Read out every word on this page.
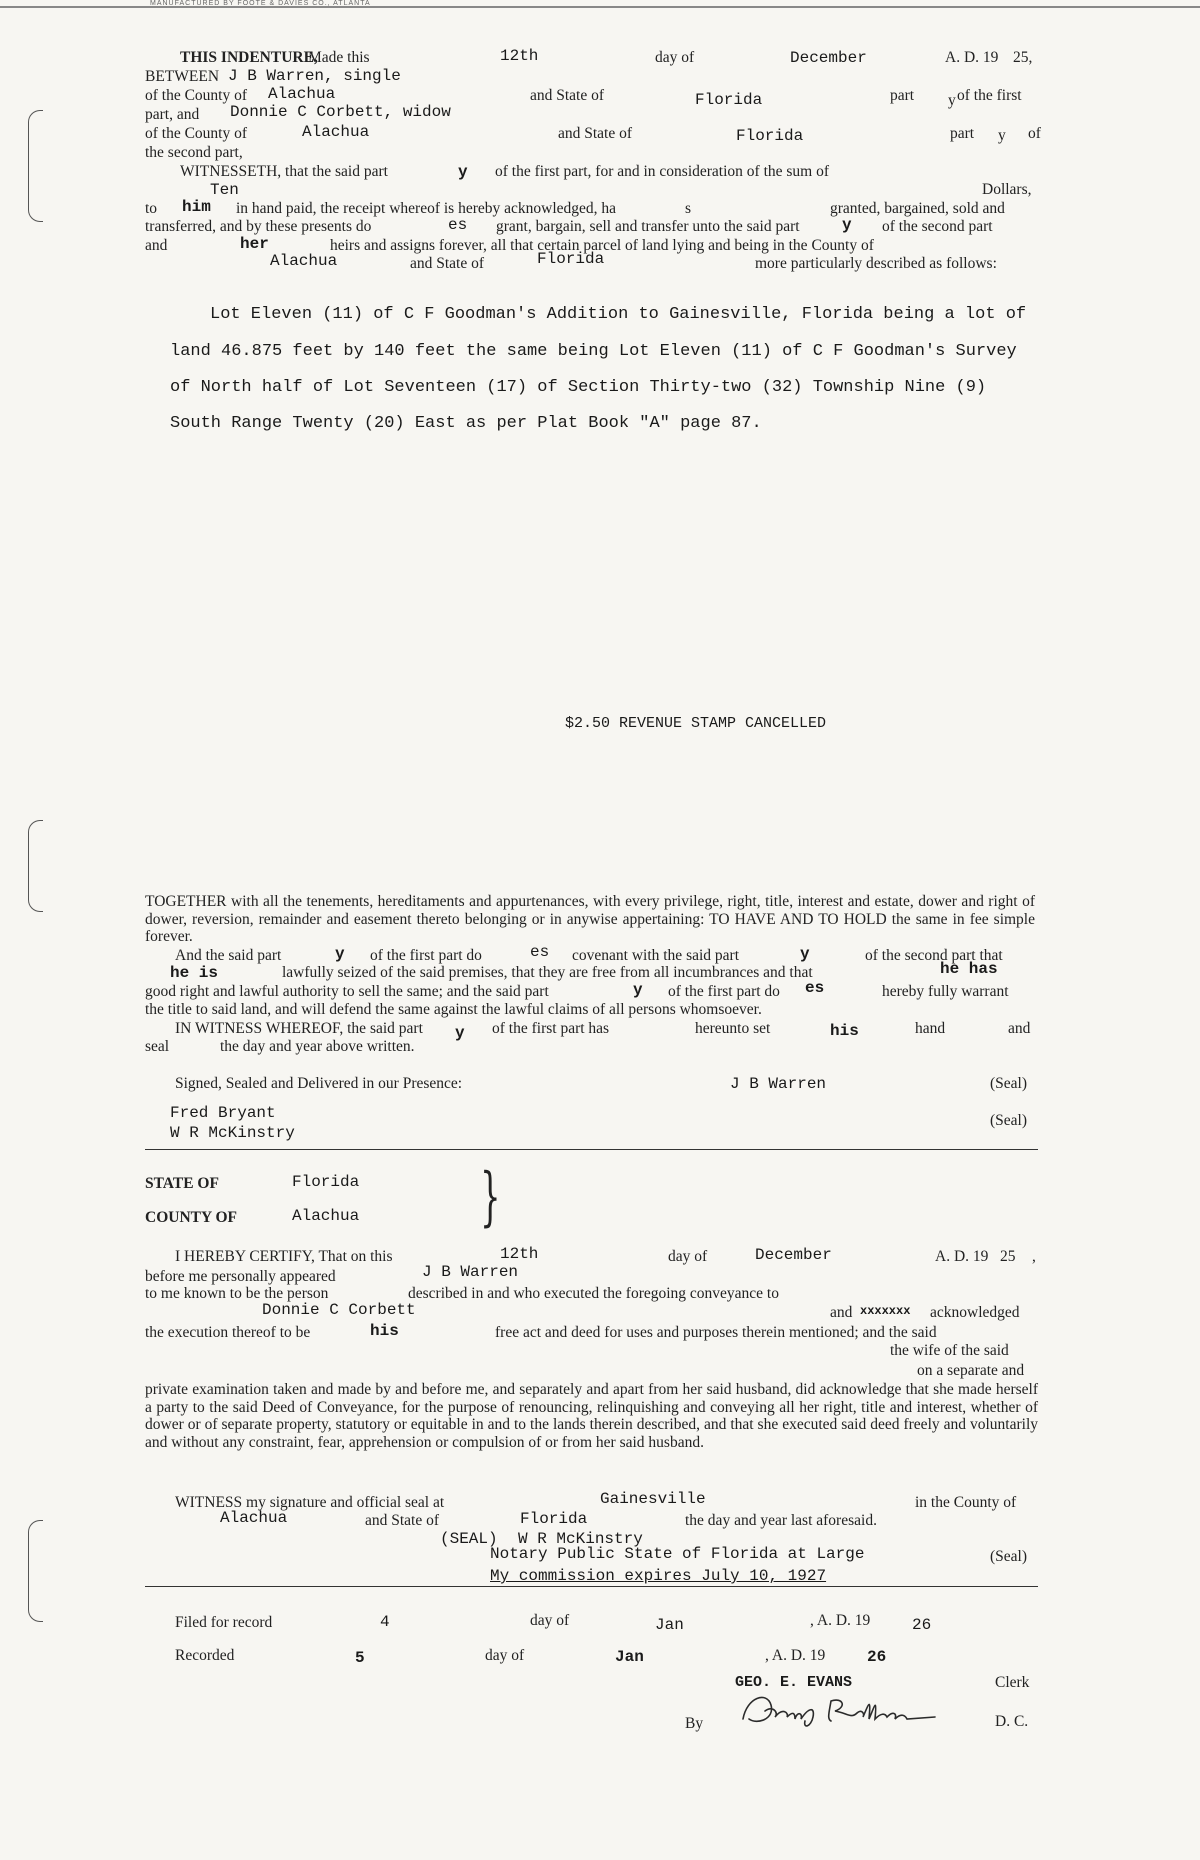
MANUFACTURED BY FOOTE & DAVIES CO., ATLANTA
THIS INDENTURE,
Made this	12th	day of	December	A. D. 19 25,
BETWEEN J B Warren, single
of the County of Alachua	and State of	Florida	part y of the first
part, and Donnie C Corbett, widow
of the County of	Alachua	and State of	Florida	part y of
the second part,
WITNESSETH, that the said part	y of the first part, for and in consideration of the sum of
Ten	Dollars,
to him in hand paid, the receipt whereof is hereby acknowledged, ha	s	granted, bargained, sold and
transferred, and by these presents do	es grant, bargain, sell and transfer unto the said part	y of the second part
and	her	heirs and assigns forever, all that certain parcel of land lying and being in the County of
Alachua	and State of	Florida	more particularly described as follows:
Lot Eleven (11) of C F Goodman's Addition to Gainesville, Florida being a lot of
land 46.875 feet by 140 feet the same being Lot Eleven (11) of C F Goodman's Survey
of North half of Lot Seventeen (17) of Section Thirty-two (32) Township Nine (9)
South Range Twenty (20) East as per Plat Book "A" page 87.
$2.50 REVENUE STAMP CANCELLED
TOGETHER with all the tenements, hereditaments and appurtenances, with every privilege, right, title, interest and estate, dower and right of dower, reversion, remainder and easement thereto belonging or in anywise appertaining: TO HAVE AND TO HOLD the same in fee simple forever.
And the said part	y of the first part do	es covenant with the said part	y	of the second part that
he is	lawfully seized of the said premises, that they are free from all incumbrances and that	he has
good right and lawful authority to sell the same; and the said part	y of the first part do es	hereby fully warrant
the title to said land, and will defend the same against the lawful claims of all persons whomsoever.
IN WITNESS WHEREOF, the said part y of the first part has	hereunto set	his	hand	and
seal	the day and year above written.
Signed, Sealed and Delivered in our Presence:	J B Warren	(Seal)
Fred Bryant
W R McKinstry
(Seal)
STATE OF	Florida
COUNTY OF	Alachua }
I HEREBY CERTIFY, That on this	12th	day of	December	A. D. 19 25 ,
before me personally appeared	J B Warren
to me known to be the person	described in and who executed the foregoing conveyance to
Donnie C Corbett	and xxxxxxx acknowledged
the execution thereof to be	his	free act and deed for uses and purposes therein mentioned; and the said
the wife of the said
on a separate and
private examination taken and made by and before me, and separately and apart from her said husband, did acknowledge that she made herself a party to the said Deed of Conveyance, for the purpose of renouncing, relinquishing and conveying all her right, title and interest, whether of dower or of separate property, statutory or equitable in and to the lands therein described, and that she executed said deed freely and voluntarily and without any constraint, fear, apprehension or compulsion of or from her said husband.
WITNESS my signature and official seal at	Gainesville	in the County of
Alachua	and State of	Florida	the day and year last aforesaid.
(SEAL) W R McKinstry
Notary Public State of Florida at Large	(Seal)
My commission expires July 10, 1927
Filed for record	4	day of	Jan	, A. D. 19	26
Recorded	5	day of	Jan	, A. D. 19	26
GEO. E. EVANS	Clerk
By	D. C.
